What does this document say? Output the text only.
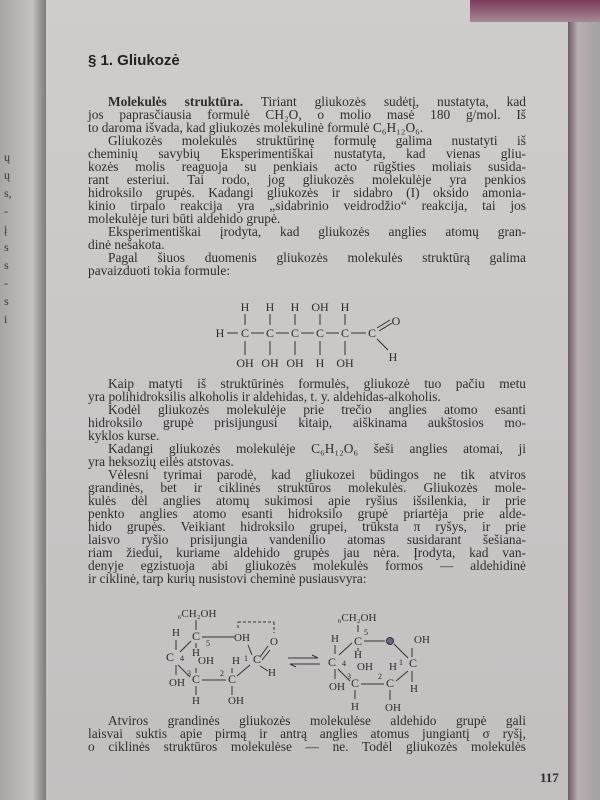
ų
ų
s,
-
į
s
s
-
s
i
§ 1. Gliukozė
Molekulės struktūra. Tiriant gliukozės sudėtį, nustatyta, kad
jos paprasčiausia formulė CH₂O, o molio masė 180 g/mol. Iš
to daroma išvada, kad gliukozės molekulinė formulė C₆H₁₂O₆.
Gliukozės molekulės struktūrinę formulę galima nustatyti iš
cheminių savybių Eksperimentiškai nustatyta, kad vienas gliu-
kozės molis reaguoja su penkiais acto rūgšties moliais susida-
rant esteriui. Tai rodo, jog gliukozės molekulėje yra penkios
hidroksilo grupės. Kadangi gliukozės ir sidabro (I) oksido amonia-
kinio tirpalo reakcija yra „sidabrinio veidrodžio“ reakcija, tai jos
molekulėje turi būti aldehido grupė.
Eksperimentiškai įrodyta, kad gliukozės anglies atomų gran-
dinė nešakota.
Pagal šiuos duomenis gliukozės molekulės struktūrą galima
pavaizduoti tokia formule:
H C C C C C C
H H H OH H
OH OH OH H OH
O
H
Kaip matyti iš struktūrinės formulės, gliukozė tuo pačiu metu
yra polihidroksilis alkoholis ir aldehidas, t. y. aldehidas-alkoholis.
Kodėl gliukozės molekulėje prie trečio anglies atomo esanti
hidroksilo grupė prisijungusi kitaip, aiškinama aukštosios mo-
kyklos kurse.
Kadangi gliukozės molekulėje C₆H₁₂O₆ šeši anglies atomai, ji
yra heksozių eilės atstovas.
Vėlesni tyrimai parodė, kad gliukozei būdingos ne tik atviros
grandinės, bet ir ciklinės struktūros molekulės. Gliukozės mole-
kulės dėl anglies atomų sukimosi apie ryšius išsilenkia, ir prie
penkto anglies atomo esanti hidroksilo grupė priartėja prie alde-
hido grupės. Veikiant hidroksilo grupei, trūksta π ryšys, ir prie
laisvo ryšio prisijungia vandenilio atomas susidarant šešiana-
riam žiedui, kuriame aldehido grupės jau nėra. Įrodyta, kad van-
denyje egzistuoja abi gliukozės molekulės formos — aldehidinė
ir ciklinė, tarp kurių nusistovi cheminė pusiausvyra:
₆CH₂OH
H C
5 OH O
H
C 4 OH
3
H
2
1 C
H
OH C C
H	OH
₆CH₂OH
5
H C	OH
H
C 4 OH
3
H
2
1 C
OH C C H
H OH
Atviros grandinės gliukozės molekulėse aldehido grupė gali
laisvai suktis apie pirmą ir antrą anglies atomus jungiantį σ ryšį,
o ciklinės struktūros molekulėse — ne. Todėl gliukozės molekulės
117
